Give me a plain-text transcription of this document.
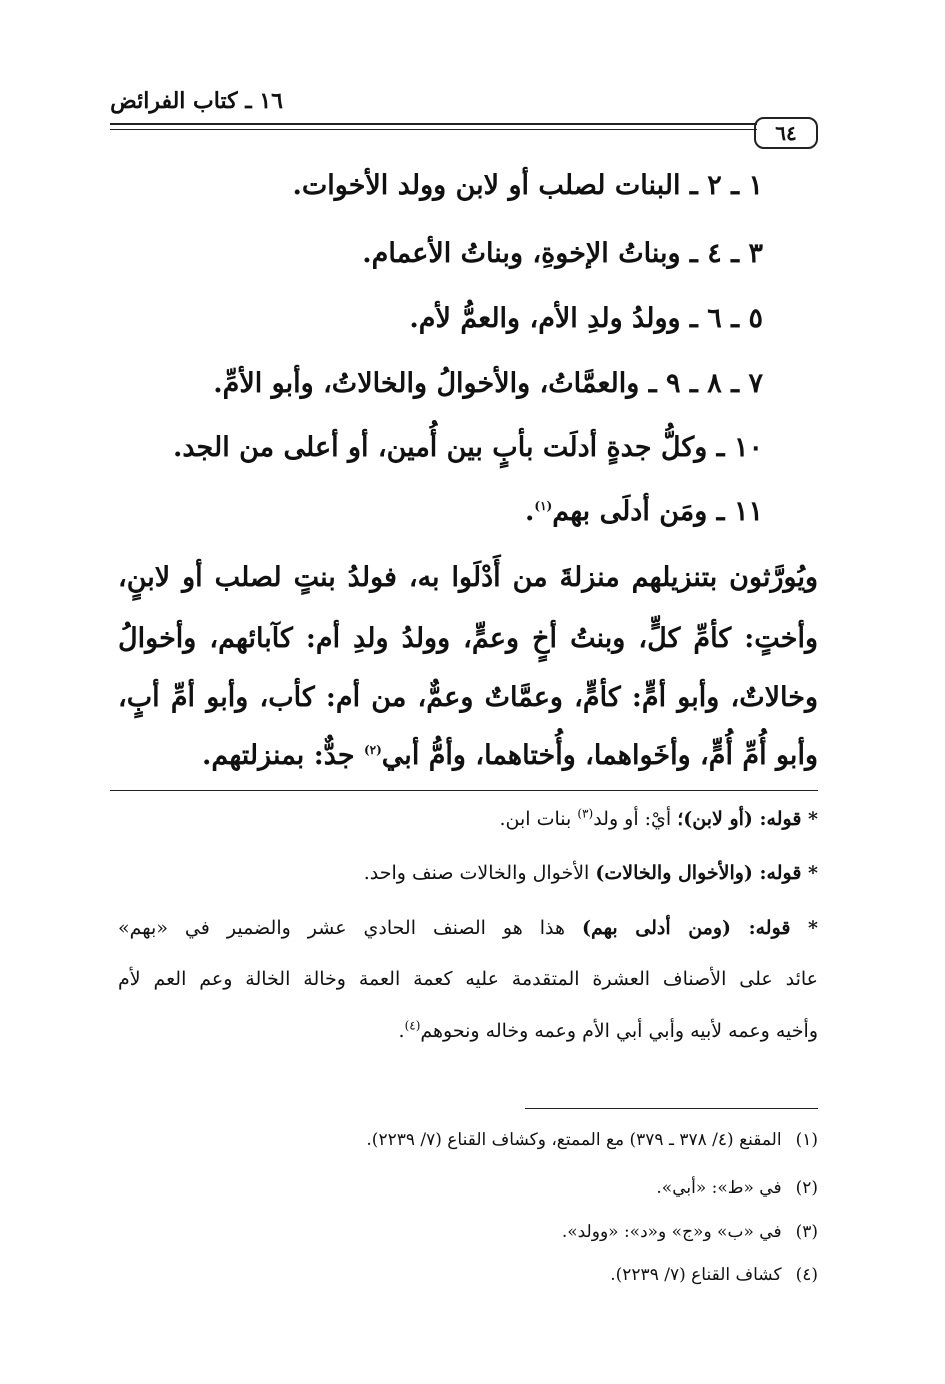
١٦ ـ كتاب الفرائض
٦٤
١ ـ ٢ ـ البنات لصلب أو لابن وولد الأخوات.
٣ ـ ٤ ـ وبناتُ الإخوةِ، وبناتُ الأعمام.
٥ ـ ٦ ـ وولدُ ولدِ الأم، والعمُّ لأم.
٧ ـ ٨ ـ ٩ ـ والعمَّاتُ، والأخوالُ والخالاتُ، وأبو الأمِّ.
١٠ ـ وكلُّ جدةٍ أدلَت بأبٍ بين أُمين، أو أعلى من الجد.
١١ ـ ومَن أدلَى بهم$^{(١)}$.
ويُورَّثون بتنزيلهم منزلةَ من أَدْلَوا به، فولدُ بنتٍ لصلب أو لابنٍ،
وأختٍ: كأمِّ كلٍّ، وبنتُ أخٍ وعمٍّ، وولدُ ولدِ أم: كآبائهم، وأخوالُ
وخالاتٌ، وأبو أمٍّ: كأمٍّ، وعمَّاتٌ وعمٌّ، من أم: كأب، وأبو أمِّ أبٍ،
وأبو أُمِّ أُمٍّ، وأخَواهما، وأُختاهما، وأمُّ أبي$^{(٢)}$ جدٌّ: بمنزلتهم.
* قوله: (أو لابن)؛ أيْ: أو ولد$^{(٣)}$ بنات ابن.
* قوله: (والأخوال والخالات) الأخوال والخالات صنف واحد.
* قوله: (ومن أدلى بهم) هذا هو الصنف الحادي عشر والضمير في «بهم»
عائد على الأصناف العشرة المتقدمة عليه كعمة العمة وخالة الخالة وعم العم لأم
وأخيه وعمه لأبيه وأبي أبي الأم وعمه وخاله ونحوهم$^{(٤)}$.
(١)المقنع (٤/ ٣٧٨ ـ ٣٧٩) مع الممتع، وكشاف القناع (٧/ ٢٢٣٩).
(٢)في «ط»: «أبي».
(٣)في «ب» و«ج» و«د»: «وولد».
(٤)كشاف القناع (٧/ ٢٢٣٩).
